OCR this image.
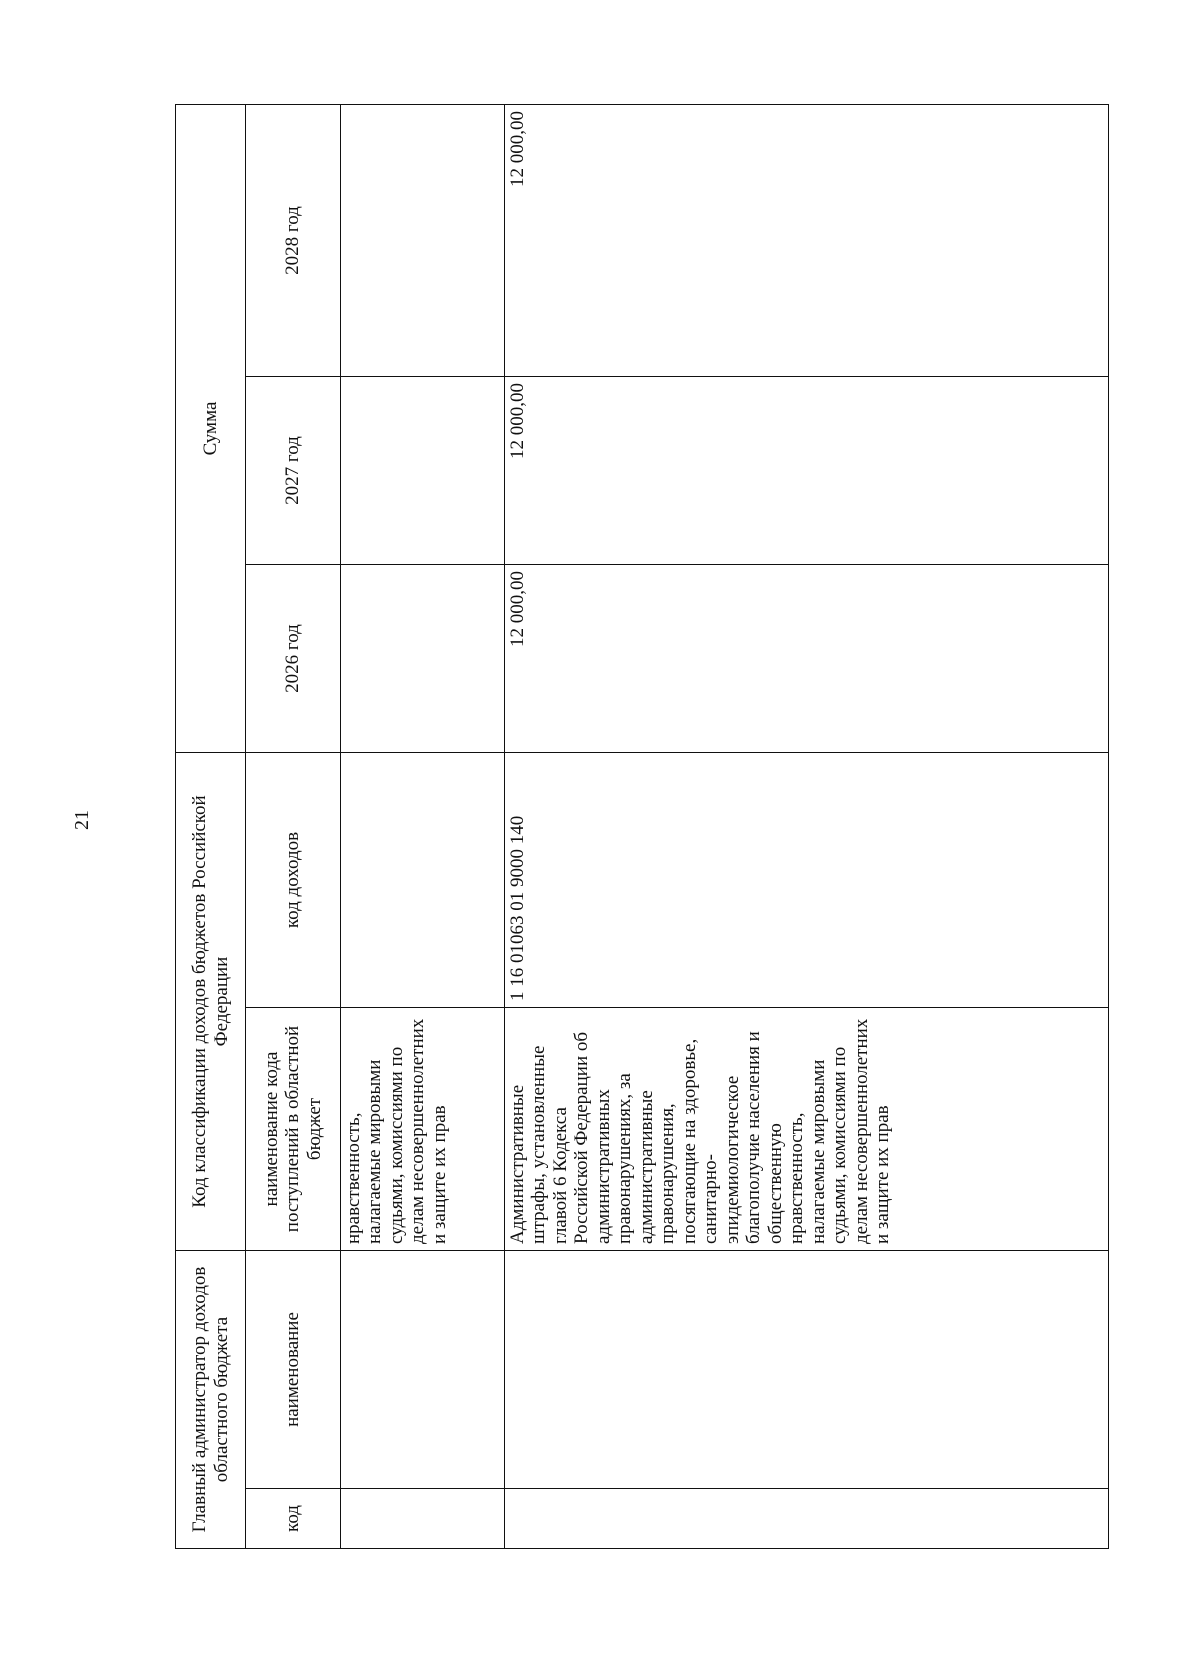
21
Главный администратор доходов областного бюджета		Код классификации доходов бюджетов Российской Федерации		Сумма		
код	наименование	наименование кода поступлений в областной бюджет	код доходов	2026 год	2027 год	2028 год
		нравственность, налагаемые мировыми судьями, комиссиями по делам несовершеннолетних и защите их прав				
		Административные штрафы, установленные главой 6 Кодекса Российской Федерации об административных правонарушениях, за административные правонарушения, посягающие на здоровье, санитарно-эпидемиологическое благополучие населения и общественную нравственность, налагаемые мировыми судьями, комиссиями по делам несовершеннолетних и защите их прав	1 16 01063 01 9000 140	12 000,00	12 000,00	12 000,00
